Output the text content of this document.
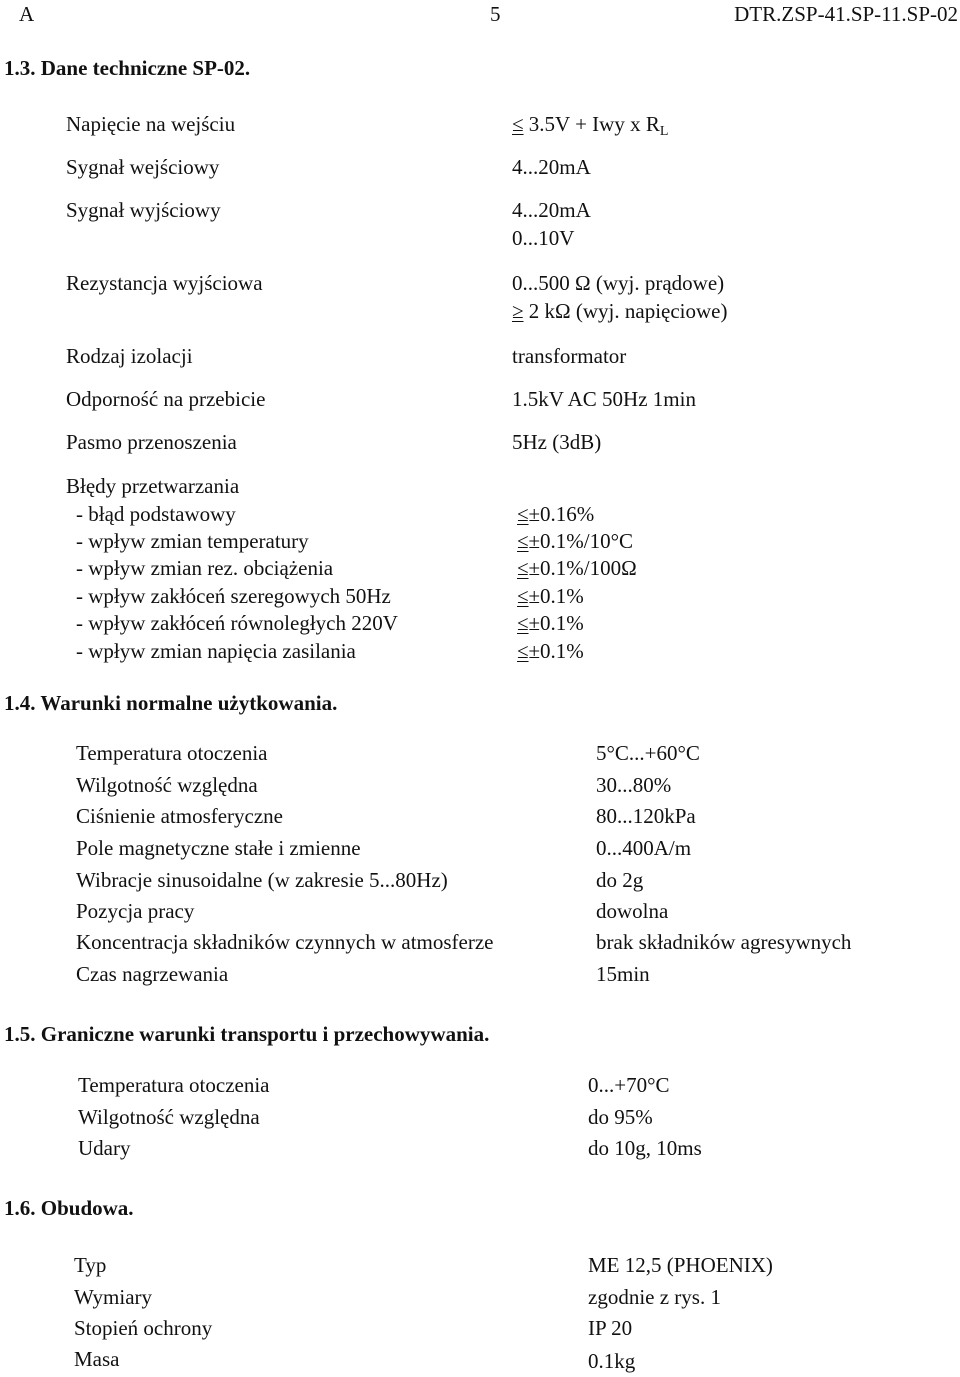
A	5	DTR.ZSP-41.SP-11.SP-02
1.3. Dane techniczne SP-02.
Napięcie na wejściu	≤ 3.5V + Iwy x $R_L$
Sygnał wejściowy	4...20mA
Sygnał wyjściowy	4...20mA
0...10V
Rezystancja wyjściowa	0...500 Ω (wyj. prądowe)
≥ 2 kΩ (wyj. napięciowe)
Rodzaj izolacji	transformator
Odporność na przebicie	1.5kV AC 50Hz 1min
Pasmo przenoszenia	5Hz (3dB)
Błędy przetwarzania
- błąd podstawowy	≤±0.16%
- wpływ zmian temperatury	≤±0.1%/10°C
- wpływ zmian rez. obciążenia	≤±0.1%/100Ω
- wpływ zakłóceń szeregowych 50Hz	≤±0.1%
- wpływ zakłóceń równoległych 220V	≤±0.1%
- wpływ zmian napięcia zasilania	≤±0.1%
1.4. Warunki normalne użytkowania.
Temperatura otoczenia	5°C...+60°C
Wilgotność względna	30...80%
Ciśnienie atmosferyczne	80...120kPa
Pole magnetyczne stałe i zmienne	0...400A/m
Wibracje sinusoidalne (w zakresie 5...80Hz)	do 2g
Pozycja pracy	dowolna
Koncentracja składników czynnych w atmosferze	brak składników agresywnych
Czas nagrzewania	15min
1.5. Graniczne warunki transportu i przechowywania.
Temperatura otoczenia	0...+70°C
Wilgotność względna	do 95%
Udary	do 10g, 10ms
1.6. Obudowa.
Typ	ME 12,5 (PHOENIX)
Wymiary	zgodnie z rys. 1
Stopień ochrony	IP 20
Masa	0.1kg
